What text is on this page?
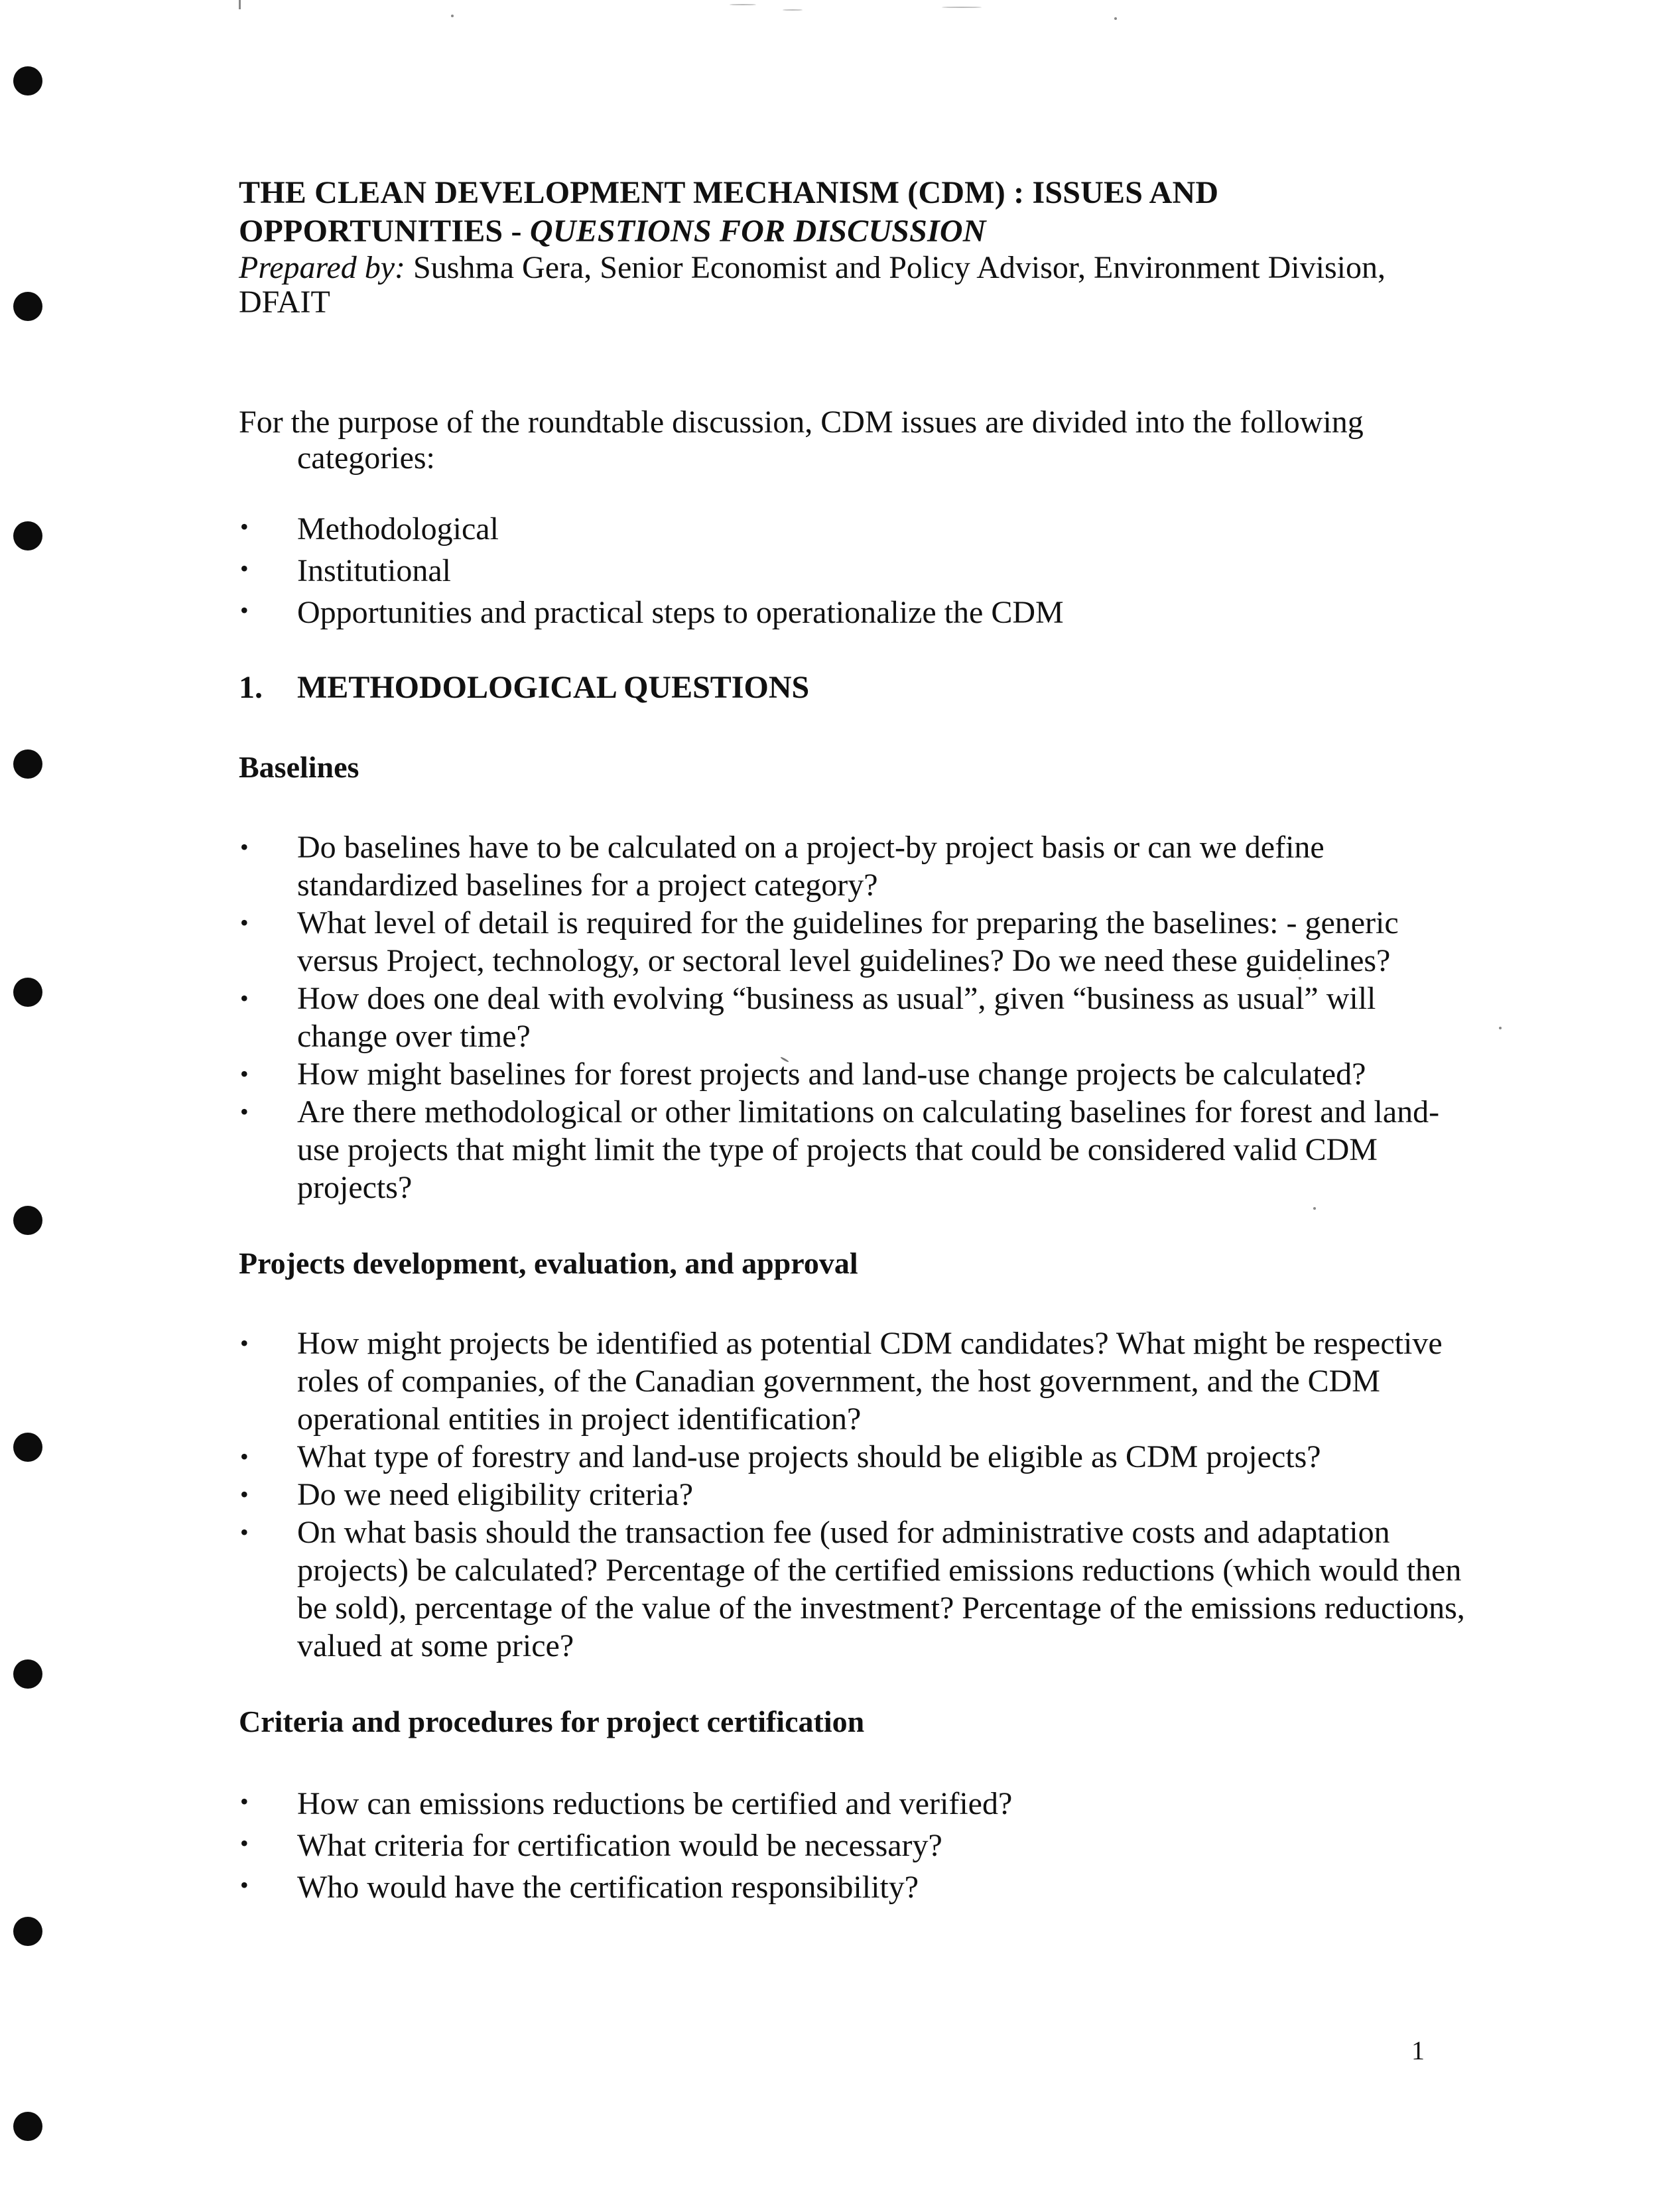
THE CLEAN DEVELOPMENT MECHANISM (CDM) : ISSUES AND
OPPORTUNITIES - QUESTIONS FOR DISCUSSION

Prepared by: Sushma Gera, Senior Economist and Policy Advisor, Environment Division, DFAIT

For the purpose of the roundtable discussion, CDM issues are divided into the following categories:

• Methodological
• Institutional
• Opportunities and practical steps to operationalize the CDM
1.	METHODOLOGICAL QUESTIONS
Baselines
• Do baselines have to be calculated on a project-by project basis or can we define standardized baselines for a project category?
• What level of detail is required for the guidelines for preparing the baselines: - generic versus Project, technology, or sectoral level guidelines? Do we need these guidelines?
• How does one deal with evolving “business as usual”, given “business as usual” will change over time?
• How might baselines for forest projects and land-use change projects be calculated?
• Are there methodological or other limitations on calculating baselines for forest and land-use projects that might limit the type of projects that could be considered valid CDM projects?
Projects development, evaluation, and approval
• How might projects be identified as potential CDM candidates? What might be respective roles of companies, of the Canadian government, the host government, and the CDM operational entities in project identification?
• What type of forestry and land-use projects should be eligible as CDM projects?
• Do we need eligibility criteria?
• On what basis should the transaction fee (used for administrative costs and adaptation projects) be calculated? Percentage of the certified emissions reductions (which would then be sold), percentage of the value of the investment? Percentage of the emissions reductions, valued at some price?
Criteria and procedures for project certification
• How can emissions reductions be certified and verified?
• What criteria for certification would be necessary?
• Who would have the certification responsibility?
1
